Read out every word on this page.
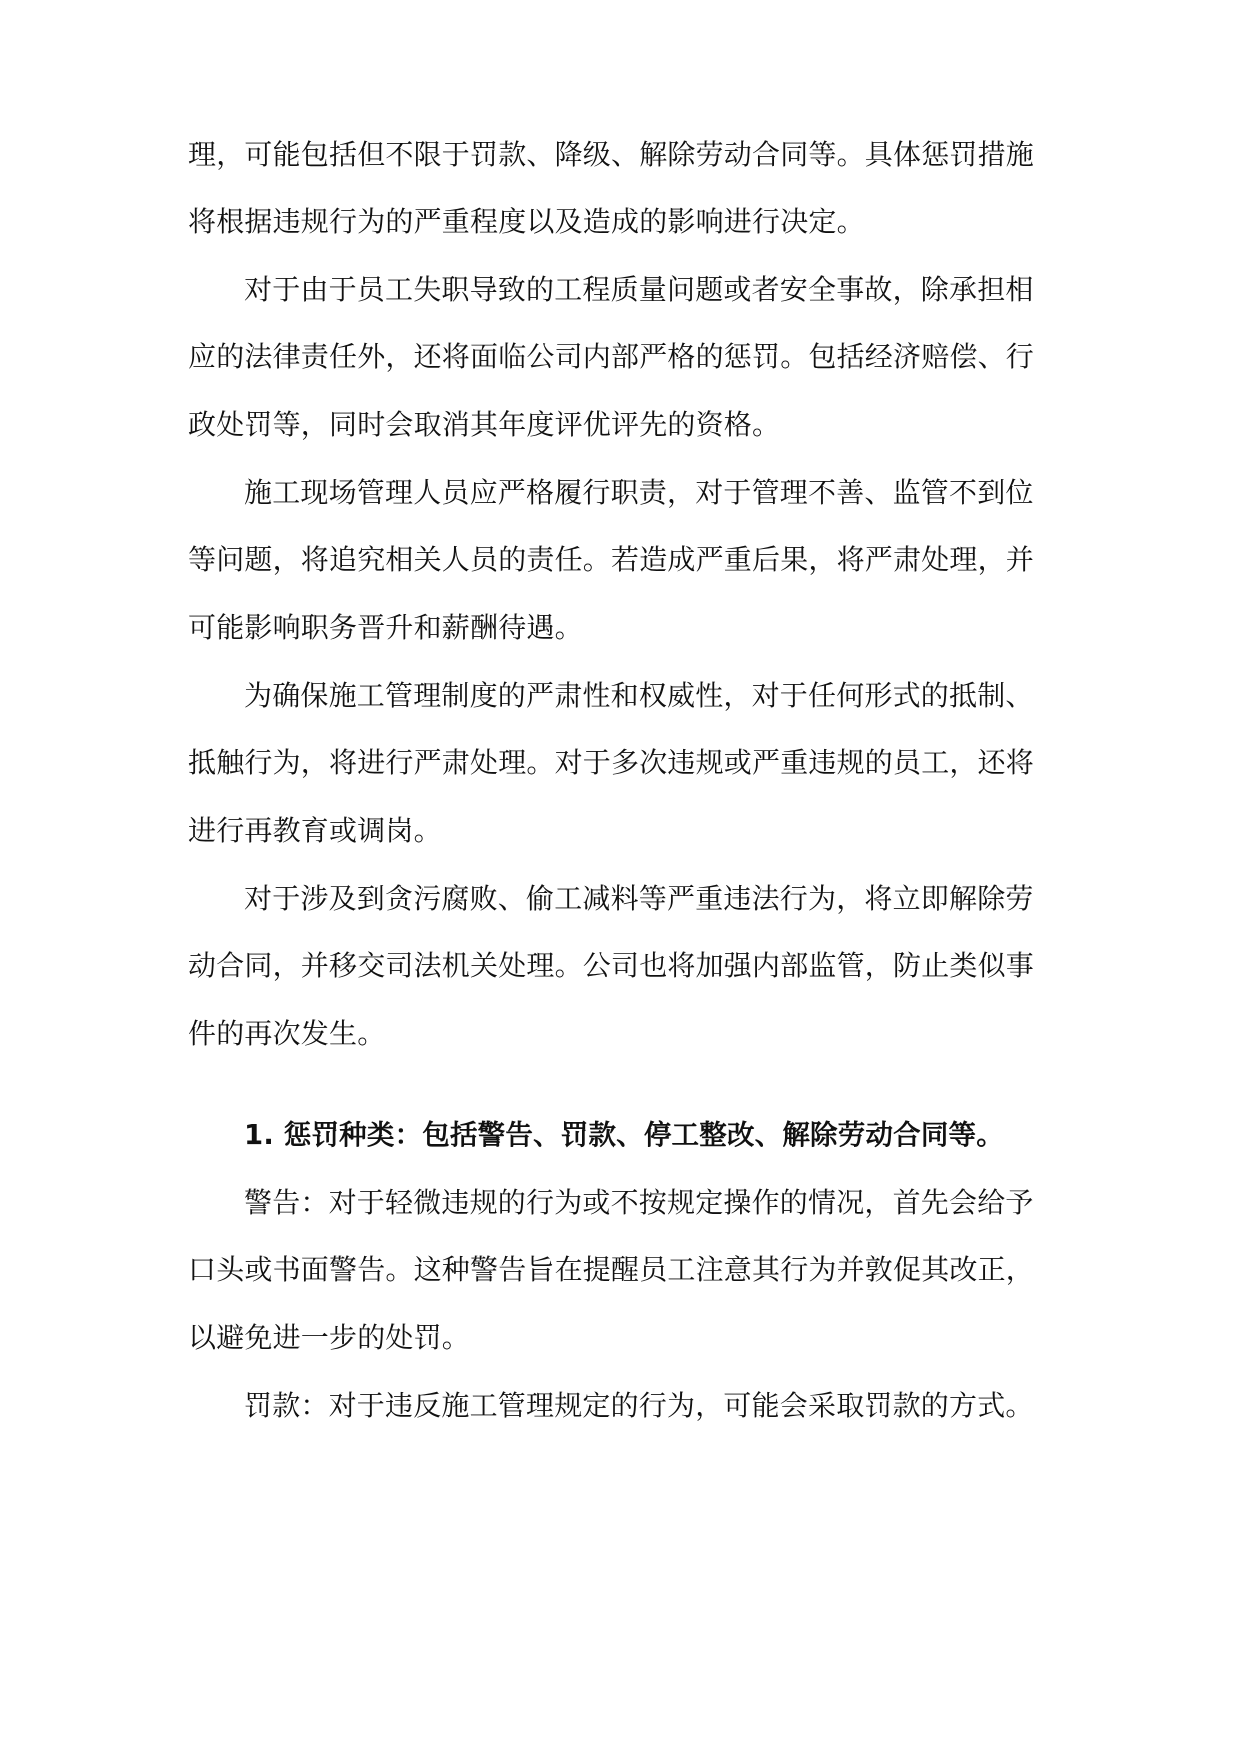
理，可能包括但不限于罚款、降级、解除劳动合同等。具体惩罚措施
将根据违规行为的严重程度以及造成的影响进行决定。
对于由于员工失职导致的工程质量问题或者安全事故，除承担相
应的法律责任外，还将面临公司内部严格的惩罚。包括经济赔偿、行
政处罚等，同时会取消其年度评优评先的资格。
施工现场管理人员应严格履行职责，对于管理不善、监管不到位
等问题，将追究相关人员的责任。若造成严重后果，将严肃处理，并
可能影响职务晋升和薪酬待遇。
为确保施工管理制度的严肃性和权威性，对于任何形式的抵制、
抵触行为，将进行严肃处理。对于多次违规或严重违规的员工，还将
进行再教育或调岗。
对于涉及到贪污腐败、偷工减料等严重违法行为，将立即解除劳
动合同，并移交司法机关处理。公司也将加强内部监管，防止类似事
件的再次发生。
1. 惩罚种类：包括警告、罚款、停工整改、解除劳动合同等。
警告：对于轻微违规的行为或不按规定操作的情况，首先会给予
口头或书面警告。这种警告旨在提醒员工注意其行为并敦促其改正，
以避免进一步的处罚。
罚款：对于违反施工管理规定的行为，可能会采取罚款的方式。
